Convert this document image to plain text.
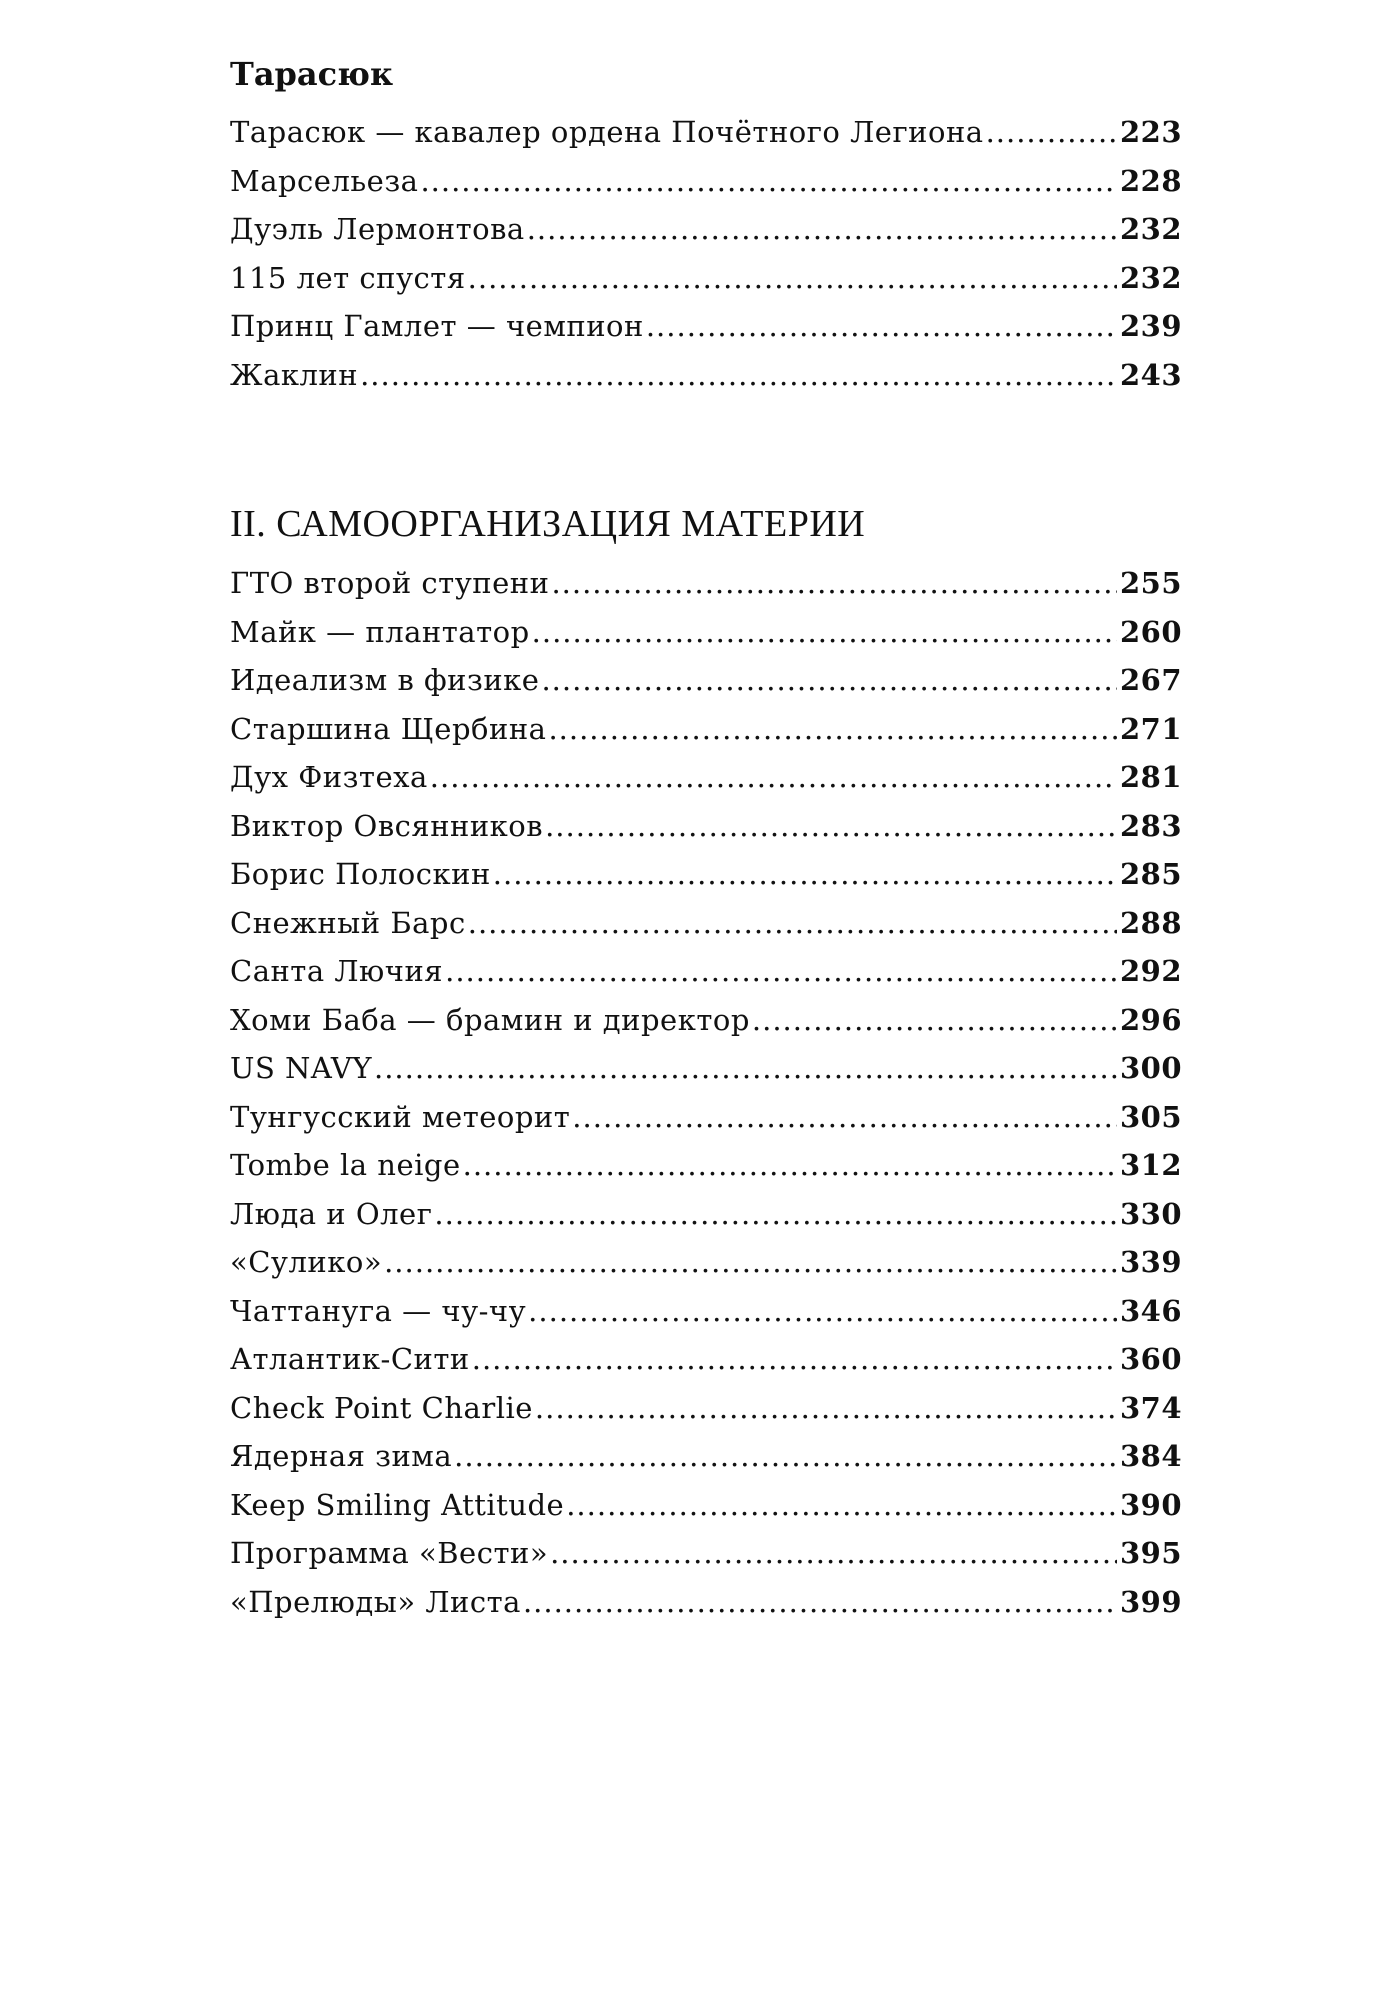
Тарасюк
Тарасюк — кавалер ордена Почётного Легиона .....	223
Марсельеза .....	228
Дуэль Лермонтова .....	232
115 лет спустя .....	232
Принц Гамлет — чемпион .....	239
Жаклин .....	243
II. САМООРГАНИЗАЦИЯ МАТЕРИИ
ГТО второй ступени .....	255
Майк — плантатор .....	260
Идеализм в физике .....	267
Старшина Щербина .....	271
Дух Физтеха .....	281
Виктор Овсянников .....	283
Борис Полоскин .....	285
Снежный Барс .....	288
Санта Лючия .....	292
Хоми Баба — брамин и директор .....	296
US NAVY .....	300
Тунгусский метеорит .....	305
Tombe la neige .....	312
Люда и Олег .....	330
«Сулико» .....	339
Чаттануга — чу-чу .....	346
Атлантик-Сити .....	360
Check Point Charlie .....	374
Ядерная зима .....	384
Keep Smiling Attitude .....	390
Программа «Вести» .....	395
«Прелюды» Листа .....	399
